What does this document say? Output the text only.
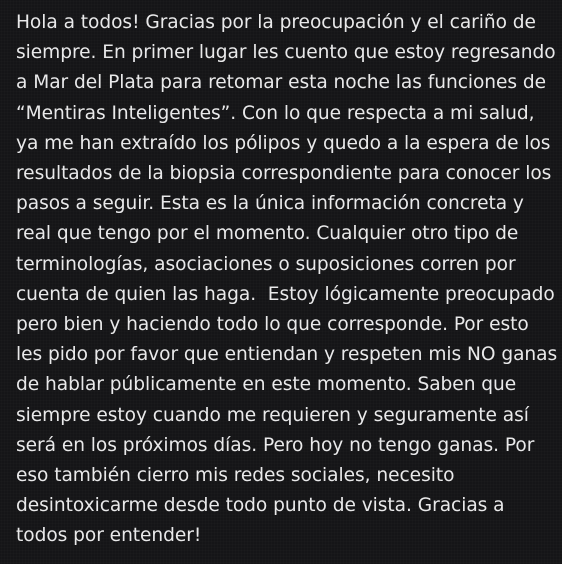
Hola a todos! Gracias por la preocupación y el cariño de
siempre. En primer lugar les cuento que estoy regresando
a Mar del Plata para retomar esta noche las funciones de
“Mentiras Inteligentes”. Con lo que respecta a mi salud,
ya me han extraído los pólipos y quedo a la espera de los
resultados de la biopsia correspondiente para conocer los
pasos a seguir. Esta es la única información concreta y
real que tengo por el momento. Cualquier otro tipo de
terminologías, asociaciones o suposiciones corren por
cuenta de quien las haga.  Estoy lógicamente preocupado
pero bien y haciendo todo lo que corresponde. Por esto
les pido por favor que entiendan y respeten mis NO ganas
de hablar públicamente en este momento. Saben que
siempre estoy cuando me requieren y seguramente así
será en los próximos días. Pero hoy no tengo ganas. Por
eso también cierro mis redes sociales, necesito
desintoxicarme desde todo punto de vista. Gracias a
todos por entender!
